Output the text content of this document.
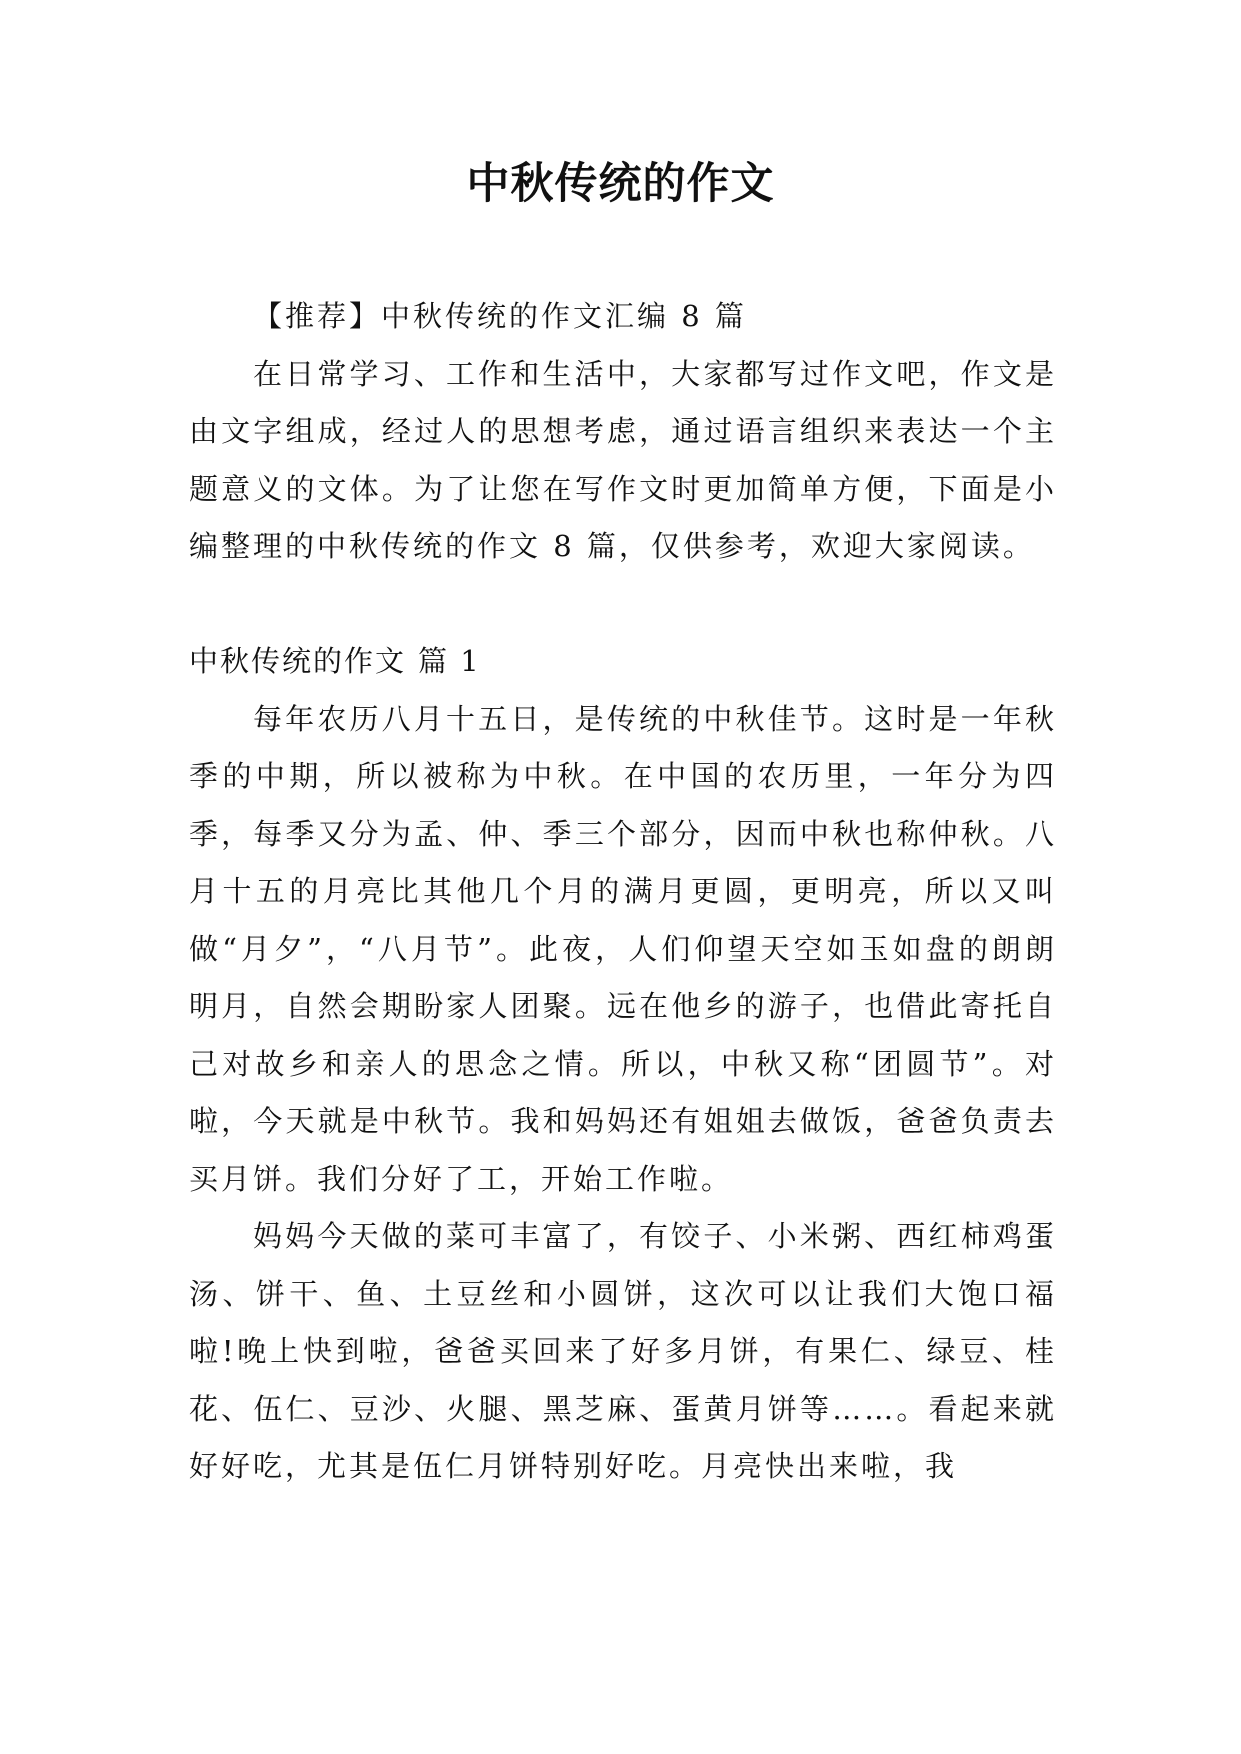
中秋传统的作文

【推荐】中秋传统的作文汇编 8 篇

在日常学习、工作和生活中，大家都写过作文吧，作文是由文字组成，经过人的思想考虑，通过语言组织来表达一个主题意义的文体。为了让您在写作文时更加简单方便，下面是小编整理的中秋传统的作文 8 篇，仅供参考，欢迎大家阅读。

中秋传统的作文 篇 1

每年农历八月十五日，是传统的中秋佳节。这时是一年秋季的中期，所以被称为中秋。在中国的农历里，一年分为四季，每季又分为孟、仲、季三个部分，因而中秋也称仲秋。八月十五的月亮比其他几个月的满月更圆，更明亮，所以又叫做“月夕”，“八月节”。此夜，人们仰望天空如玉如盘的朗朗明月，自然会期盼家人团聚。远在他乡的游子，也借此寄托自己对故乡和亲人的思念之情。所以，中秋又称“团圆节”。对啦，今天就是中秋节。我和妈妈还有姐姐去做饭，爸爸负责去买月饼。我们分好了工，开始工作啦。

妈妈今天做的菜可丰富了，有饺子、小米粥、西红柿鸡蛋汤、饼干、鱼、土豆丝和小圆饼，这次可以让我们大饱口福啦!晚上快到啦，爸爸买回来了好多月饼，有果仁、绿豆、桂花、伍仁、豆沙、火腿、黑芝麻、蛋黄月饼等……。看起来就好好吃，尤其是伍仁月饼特别好吃。月亮快出来啦，我
